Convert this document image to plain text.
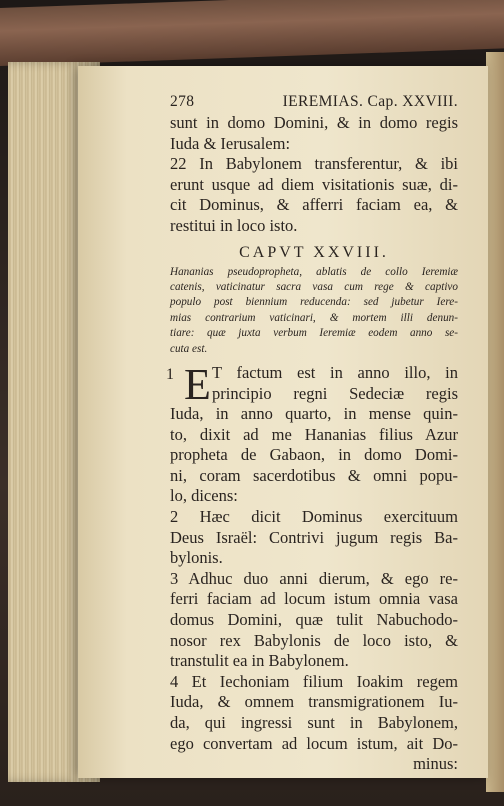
278	IEREMIAS. Cap. XXVIII.
sunt in domo Domini, & in domo regis
Iuda & Ierusalem:
22 In Babylonem transferentur, & ibi
erunt usque ad diem visitationis suæ, di-
cit Dominus, & afferri faciam ea, &
restitui in loco isto.
CAPVT XXVIII.
Hananias pseudopropheta, ablatis de collo Ieremiæ
catenis, vaticinatur sacra vasa cum rege & captivo
populo post biennium reducenda: sed jubetur Iere-
mias contrarium vaticinari, & mortem illi denun-
tiare: quæ juxta verbum Ieremiæ eodem anno se-
cuta est.
1 E T factum est in anno illo, in
principio regni Sedeciæ regis
Iuda, in anno quarto, in mense quin-
to, dixit ad me Hananias filius Azur
propheta de Gabaon, in domo Domi-
ni, coram sacerdotibus & omni popu-
lo, dicens:
2 Hæc dicit Dominus exercituum
Deus Israël: Contrivi jugum regis Ba-
bylonis.
3 Adhuc duo anni dierum, & ego re-
ferri faciam ad locum istum omnia vasa
domus Domini, quæ tulit Nabuchodo-
nosor rex Babylonis de loco isto, &
transtulit ea in Babylonem.
4 Et Iechoniam filium Ioakim regem
Iuda, & omnem transmigrationem Iu-
da, qui ingressi sunt in Babylonem,
ego convertam ad locum istum, ait Do-
minus:
